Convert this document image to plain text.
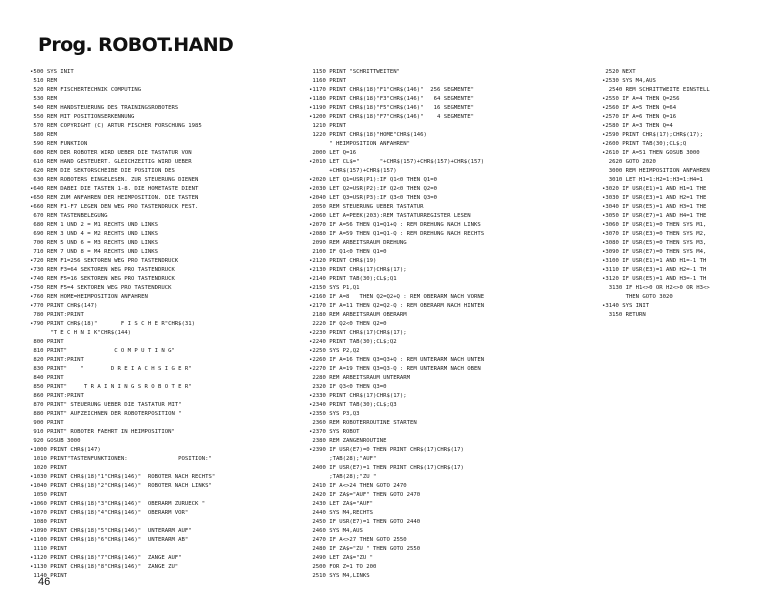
Prog. ROBOT.HAND
•500 SYS INIT
510 REM
520 REM FISCHERTECHNIK COMPUTING
530 REM
540 REM HANDSTEUERUNG DES TRAININGSROBOTERS
550 REM MIT POSITIONSERKENNUNG
570 REM COPYRIGHT (C) ARTUR FISCHER FORSCHUNG 1985
580 REM
590 REM FUNKTION
600 REM DER ROBOTER WIRD UEBER DIE TASTATUR VON
610 REM HAND GESTEUERT. GLEICHZEITIG WIRD UEBER
620 REM DIE SEKTORSCHEIBE DIE POSITION DES
630 REM ROBOTERS EINGELESEN. ZUR STEUERUNG DIENEN
•640 REM DABEI DIE TASTEN 1-8. DIE HOMETASTE DIENT
•650 REM ZUM ANFAHREN DER HEIMPOSITION. DIE TASTEN
•660 REM F1-F7 LEGEN DEN WEG PRO TASTENDRUCK FEST.
670 REM TASTENBELEGUNG
680 REM 1 UND 2 = M1 RECHTS UND LINKS
690 REM 3 UND 4 = M2 RECHTS UND LINKS
700 REM 5 UND 6 = M3 RECHTS UND LINKS
710 REM 7 UND 8 = M4 RECHTS UND LINKS
•720 REM F1=256 SEKTOREN WEG PRO TASTENDRUCK
•730 REM F3=64 SEKTOREN WEG PRO TASTENDRUCK
•740 REM F5=16 SEKTOREN WEG PRO TASTENDRUCK
•750 REM F5=4 SEKTOREN WEG PRO TASTENDRUCK
•760 REM HOME=HEIMPOSITION ANFAHREN
•770 PRINT CHR$(147)
780 PRINT:PRINT
•790 PRINT CHR$(18)"       F I S C H E R"CHR$(31)
"T E C H N I K"CHR$(144)
800 PRINT
810 PRINT"              C O M P U T I N G"
820 PRINT:PRINT
830 PRINT"    "        D R E I A C H S I G E R"
840 PRINT
850 PRINT"     T R A I N I N G S R O B O T E R"
860 PRINT:PRINT
870 PRINT" STEUERUNG UEBER DIE TASTATUR MIT"
880 PRINT" AUFZEICHNEN DER ROBOTERPOSITION "
900 PRINT
910 PRINT" ROBOTER FAEHRT IN HEIMPOSITION"
920 GOSUB 3000
•1000 PRINT CHR$(147)
1010 PRINT"TASTENFUNKTIONEN:               POSITION:"
1020 PRINT
•1030 PRINT CHR$(18)"1"CHR$(146)"  ROBOTER NACH RECHTS"
•1040 PRINT CHR$(18)"2"CHR$(146)"  ROBOTER NACH LINKS"
1050 PRINT
•1060 PRINT CHR$(18)"3"CHR$(146)"  OBERARM ZURUECK "
•1070 PRINT CHR$(18)"4"CHR$(146)"  OBERARM VOR"
1080 PRINT
•1090 PRINT CHR$(18)"5"CHR$(146)"  UNTERARM AUF"
•1100 PRINT CHR$(18)"6"CHR$(146)"  UNTERARM AB"
1110 PRINT
•1120 PRINT CHR$(18)"7"CHR$(146)"  ZANGE AUF"
•1130 PRINT CHR$(18)"8"CHR$(146)"  ZANGE ZU"
1140 PRINT
1150 PRINT "SCHRITTWEITEN"
1160 PRINT
•1170 PRINT CHR$(18)"F1"CHR$(146)"  256 SEGMENTE"
•1180 PRINT CHR$(18)"F3"CHR$(146)"   64 SEGMENTE"
•1190 PRINT CHR$(18)"F5"CHR$(146)"   16 SEGMENTE"
•1200 PRINT CHR$(18)"F7"CHR$(146)"    4 SEGMENTE"
1210 PRINT
1220 PRINT CHR$(18)"HOME"CHR$(146)
" HEIMPOSITION ANFAHREN"
2000 LET Q=16
•2010 LET CL$="      "+CHR$(157)+CHR$(157)+CHR$(157)
+CHR$(157)+CHR$(157)
•2020 LET Q1=USR(P1):IF Q1<0 THEN Q1=0
•2030 LET Q2=USR(P2):IF Q2<0 THEN Q2=0
•2040 LET Q3=USR(P3):IF Q3<0 THEN Q3=0
2050 REM STEUERUNG UEBER TASTATUR
•2060 LET A=PEEK(203):REM TASTATURREGISTER LESEN
•2070 IF A=56 THEN Q1=Q1+Q : REM DREHUNG NACH LINKS
•2080 IF A=59 THEN Q1=Q1-Q : REM DREHUNG NACH RECHTS
2090 REM ARBEITSRAUM DREHUNG
2100 IF Q1<0 THEN Q1=0
•2120 PRINT CHR$(19)
•2130 PRINT CHR$(17)CHR$(17);
•2140 PRINT TAB(30);CL$;Q1
•2150 SYS P1,Q1
•2160 IF A=8   THEN Q2=Q2+Q : REM OBERARM NACH VORNE
•2170 IF A=11 THEN Q2=Q2-Q : REM OBERARM NACH HINTEN
2180 REM ARBEITSRAUM OBERARM
2220 IF Q2<0 THEN Q2=0
•2230 PRINT CHR$(17)CHR$(17);
•2240 PRINT TAB(30);CL$;Q2
•2250 SYS P2,Q2
•2260 IF A=16 THEN Q3=Q3+Q : REM UNTERARM NACH UNTEN
•2270 IF A=19 THEN Q3=Q3-Q : REM UNTERARM NACH OBEN
2280 REM ARBEITSRAUM UNTERARM
2320 IF Q3<0 THEN Q3=0
•2330 PRINT CHR$(17)CHR$(17);
•2340 PRINT TAB(30);CL$;Q3
•2350 SYS P3,Q3
2360 REM ROBOTERROUTINE STARTEN
•2370 SYS ROBOT
2380 REM ZANGENROUTINE
•2390 IF USR(E7)=0 THEN PRINT CHR$(17)CHR$(17)
;TAB(28);"AUF"
2400 IF USR(E7)=1 THEN PRINT CHR$(17)CHR$(17)
;TAB(28);"ZU "
2410 IF A<>24 THEN GOTO 2470
2420 IF ZA$="AUF" THEN GOTO 2470
2430 LET ZA$="AUF"
2440 SYS M4,RECHTS
2450 IF USR(E7)=1 THEN GOTO 2440
2460 SYS M4,AUS
2470 IF A<>27 THEN GOTO 2550
2480 IF ZA$="ZU " THEN GOTO 2550
2490 LET ZA$="ZU "
2500 FOR Z=1 TO 200
2510 SYS M4,LINKS
2520 NEXT
•2530 SYS M4,AUS
2540 REM SCHRITTWEITE EINSTELL
•2550 IF A=4 THEN Q=256
•2560 IF A=5 THEN Q=64
•2570 IF A=6 THEN Q=16
•2580 IF A=3 THEN Q=4
•2590 PRINT CHR$(17);CHR$(17);
•2600 PRINT TAB(30);CL$;Q
•2610 IF A=51 THEN GOSUB 3000
2620 GOTO 2020
3000 REM HEIMPOSITION ANFAHREN
3010 LET H1=1:H2=1:H3=1:H4=1
•3020 IF USR(E1)=1 AND H1=1 THE
•3030 IF USR(E3)=1 AND H2=1 THE
•3040 IF USR(E5)=1 AND H3=1 THE
•3050 IF USR(E7)=1 AND H4=1 THE
•3060 IF USR(E1)=0 THEN SYS M1,
•3070 IF USR(E3)=0 THEN SYS M2,
•3080 IF USR(E5)=0 THEN SYS M3,
•3090 IF USR(E7)=0 THEN SYS M4,
•3100 IF USR(E1)=1 AND H1=-1 TH
•3110 IF USR(E3)=1 AND H2=-1 TH
•3120 IF USR(E5)=1 AND H3=-1 TH
3130 IF H1<>0 OR H2<>0 OR H3<>
THEN GOTO 3020
•3140 SYS INIT
3150 RETURN
46
